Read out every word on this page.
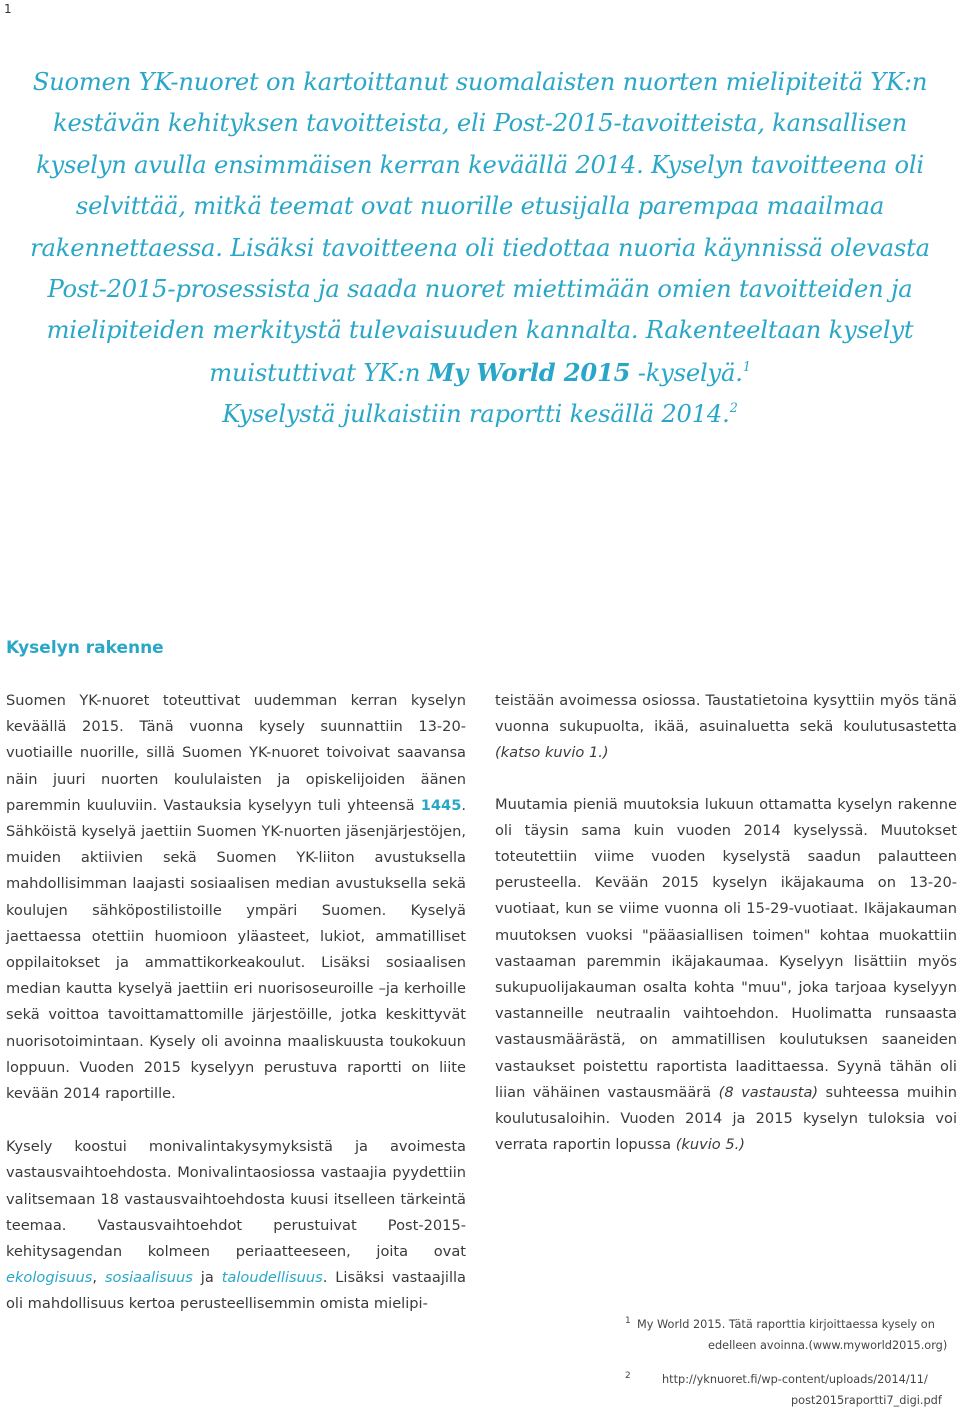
1

Suomen YK-nuoret on kartoittanut suomalaisten nuorten mielipiteitä YK:n kestävän kehityksen tavoitteista, eli Post-2015-tavoitteista, kansallisen kyselyn avulla ensimmäisen kerran keväällä 2014. Kyselyn tavoitteena oli selvittää, mitkä teemat ovat nuorille etusijalla parempaa maailmaa rakennettaessa. Lisäksi tavoitteena oli tiedottaa nuoria käynnissä olevasta Post-2015-prosessista ja saada nuoret miettimään omien tavoitteiden ja mielipiteiden merkitystä tulevaisuuden kannalta. Rakenteeltaan kyselyt muistuttivat YK:n My World 2015 -kyselyä.$^1$
Kyselystä julkaistiin raportti kesällä 2014.$^2$

Kyselyn rakenne

Suomen YK-nuoret toteuttivat uudemman kerran kyselyn keväällä 2015. Tänä vuonna kysely suunnattiin 13-20-vuotiaille nuorille, sillä Suomen YK-nuoret toivoivat saavansa näin juuri nuorten koululaisten ja opiskelijoiden äänen paremmin kuuluviin. Vastauksia kyselyyn tuli yhteensä 1445. Sähköistä kyselyä jaettiin Suomen YK-nuorten jäsenjärjestöjen, muiden aktiivien sekä Suomen YK-liiton avustuksella mahdollisimman laajasti sosiaalisen median avustuksella sekä koulujen sähköpostilistoille ympäri Suomen. Kyselyä jaettaessa otettiin huomioon yläasteet, lukiot, ammatilliset oppilaitokset ja ammattikorkeakoulut. Lisäksi sosiaalisen median kautta kyselyä jaettiin eri nuorisoseuroille –ja kerhoille sekä voittoa tavoittamattomille järjestöille, jotka keskittyvät nuorisotoimintaan. Kysely oli avoinna maaliskuusta toukokuun loppuun. Vuoden 2015 kyselyyn perustuva raportti on liite kevään 2014 raportille.

Kysely koostui monivalintakysymyksistä ja avoimesta vastausvaihtoehdosta. Monivalintaosiossa vastaajia pyydettiin valitsemaan 18 vastausvaihtoehdosta kuusi itselleen tärkeintä teemaa. Vastausvaihtoehdot perustuivat Post-2015-kehitysagendan kolmeen periaatteeseen, joita ovat ekologisuus, sosiaalisuus ja taloudellisuus. Lisäksi vastaajilla oli mahdollisuus kertoa perusteellisemmin omista mielipi-

teistään avoimessa osiossa. Taustatietoina kysyttiin myös tänä vuonna sukupuolta, ikää, asuinaluetta sekä koulutusastetta (katso kuvio 1.)

Muutamia pieniä muutoksia lukuun ottamatta kyselyn rakenne oli täysin sama kuin vuoden 2014 kyselyssä. Muutokset toteutettiin viime vuoden kyselystä saadun palautteen perusteella. Kevään 2015 kyselyn ikäjakauma on 13-20-vuotiaat, kun se viime vuonna oli 15-29-vuotiaat. Ikäjakauman muutoksen vuoksi "pääasiallisen toimen" kohtaa muokattiin vastaaman paremmin ikäjakaumaa. Kyselyyn lisättiin myös sukupuolijakauman osalta kohta "muu", joka tarjoaa kyselyyn vastanneille neutraalin vaihtoehdon. Huolimatta runsaasta vastausmäärästä, on ammatillisen koulutuksen saaneiden vastaukset poistettu raportista laadittaessa. Syynä tähän oli liian vähäinen vastausmäärä (8 vastausta) suhteessa muihin koulutusaloihin. Vuoden 2014 ja 2015 kyselyn tuloksia voi verrata raportin lopussa (kuvio 5.)

1 My World 2015. Tätä raporttia kirjoittaessa kysely on
edelleen avoinna.(www.myworld2015.org)
2	http://yknuoret.fi/wp-content/uploads/2014/11/
post2015raportti7_digi.pdf
